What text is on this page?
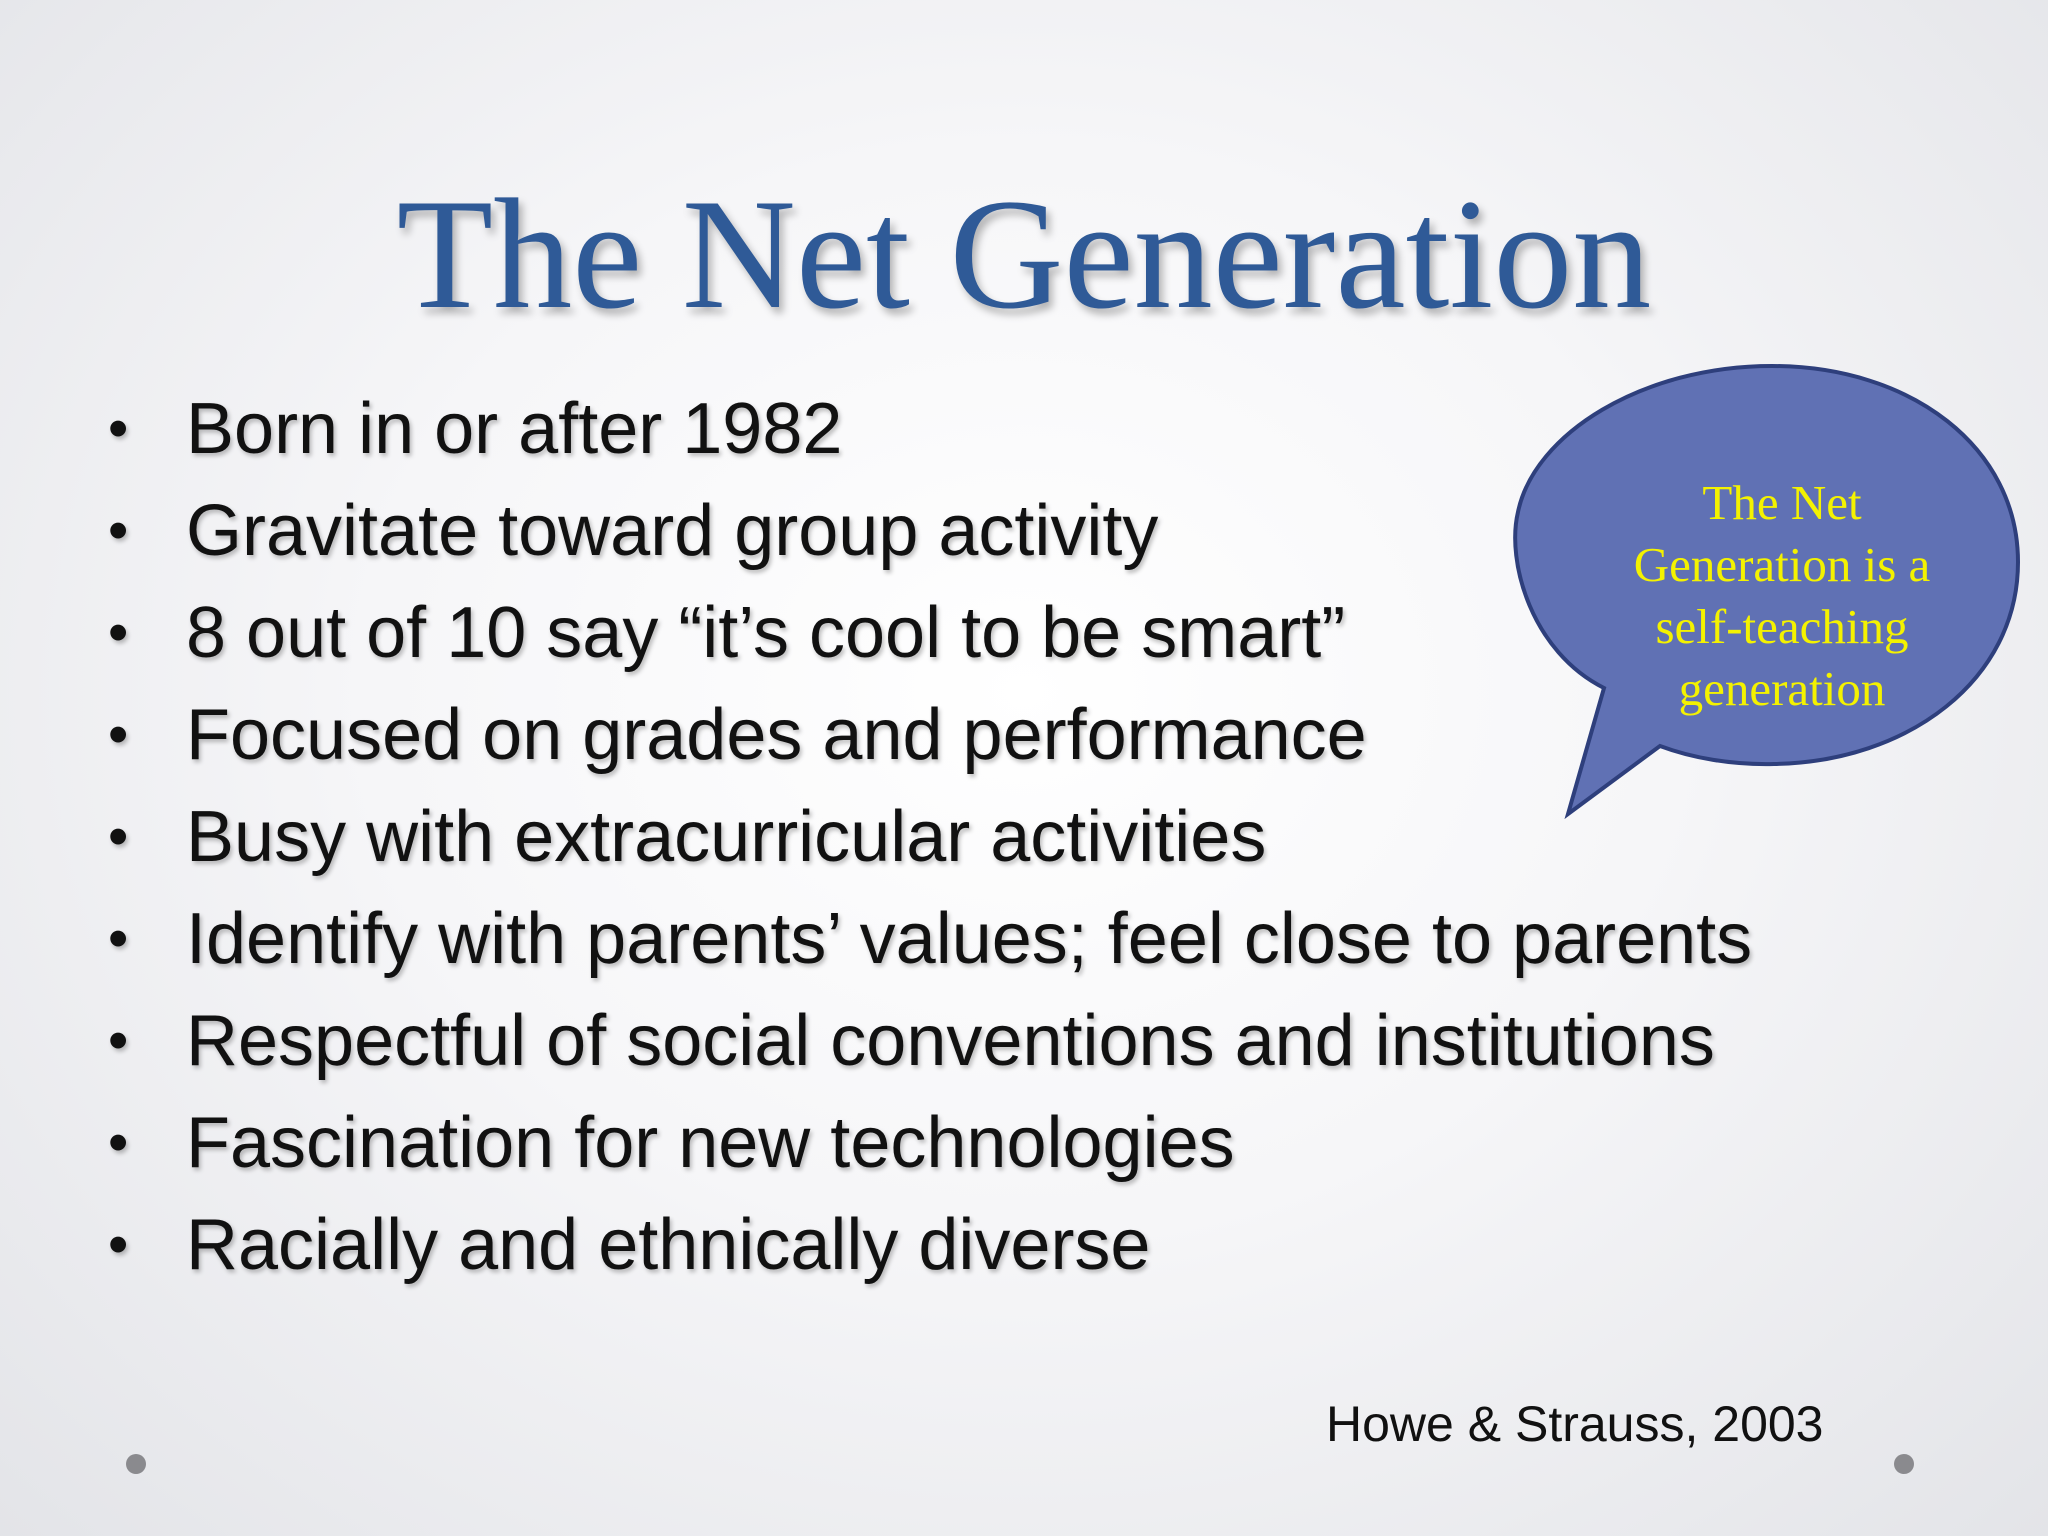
The Net Generation
• Born in or after 1982
• Gravitate toward group activity
• 8 out of 10 say “it’s cool to be smart”
• Focused on grades and performance
• Busy with extracurricular activities
• Identify with parents’ values; feel close to parents
• Respectful of social conventions and institutions
• Fascination for new technologies
• Racially and ethnically diverse
The Net
Generation is a
self-teaching
generation
Howe & Strauss, 2003
